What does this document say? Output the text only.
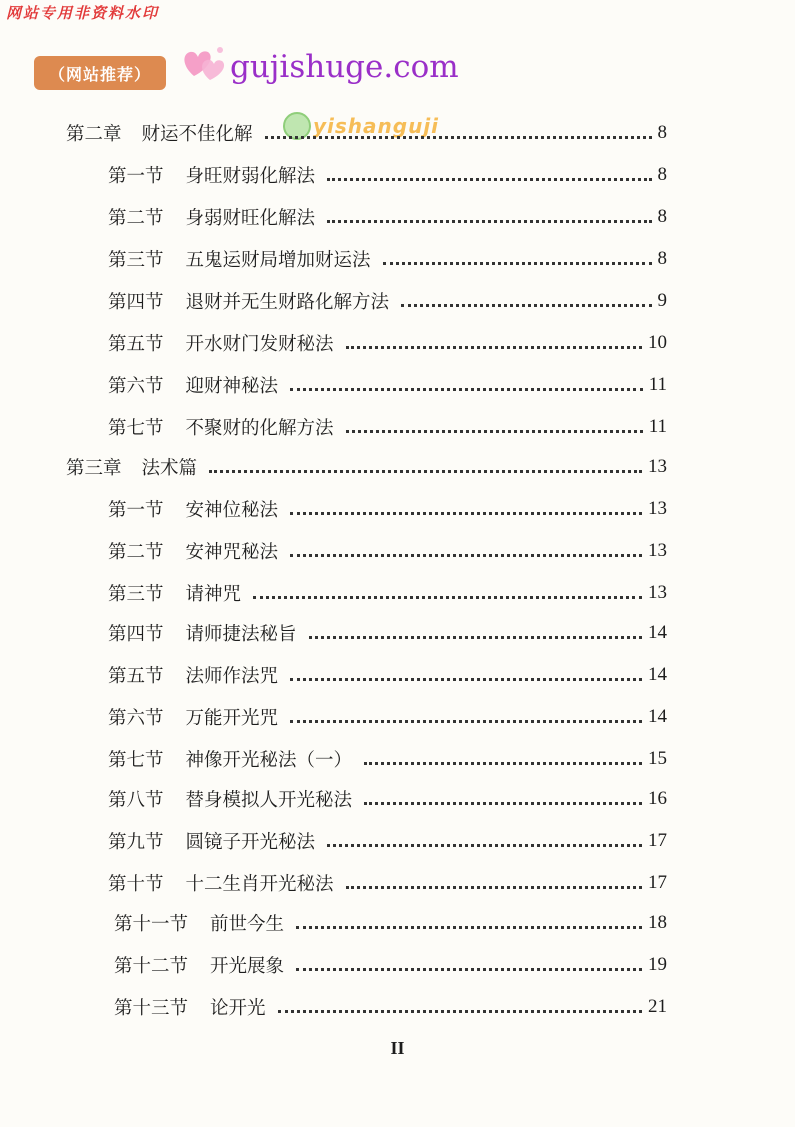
网站专用非资料水印
（网站推荐）	gujishuge.com
yishanguji
第二章 财运不佳化解	8
第一节 身旺财弱化解法	8
第二节 身弱财旺化解法	8
第三节 五鬼运财局增加财运法	8
第四节 退财并无生财路化解方法	9
第五节 开水财门发财秘法	10
第六节 迎财神秘法	11
第七节 不聚财的化解方法	11
第三章 法术篇	13
第一节 安神位秘法	13
第二节 安神咒秘法	13
第三节 请神咒	13
第四节 请师捷法秘旨	14
第五节 法师作法咒	14
第六节 万能开光咒	14
第七节 神像开光秘法（一）	15
第八节 替身模拟人开光秘法	16
第九节 圆镜子开光秘法	17
第十节 十二生肖开光秘法	17
第十一节 前世今生	18
第十二节 开光展象	19
第十三节 论开光	21
II
